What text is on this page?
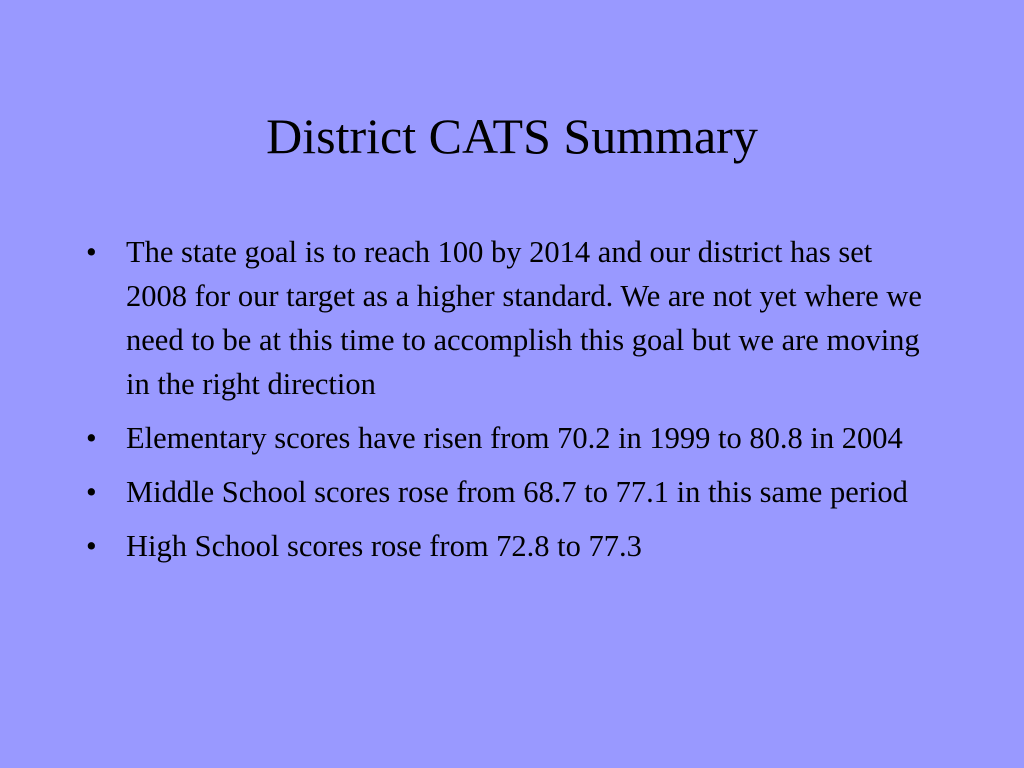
District CATS Summary
• The state goal is to reach 100 by 2014 and our district has set 2008 for our target as a higher standard. We are not yet where we need to be at this time to accomplish this goal but we are moving in the right direction
• Elementary scores have risen from 70.2 in 1999 to 80.8 in 2004
• Middle School scores rose from 68.7 to 77.1 in this same period
• High School scores rose from 72.8 to 77.3
